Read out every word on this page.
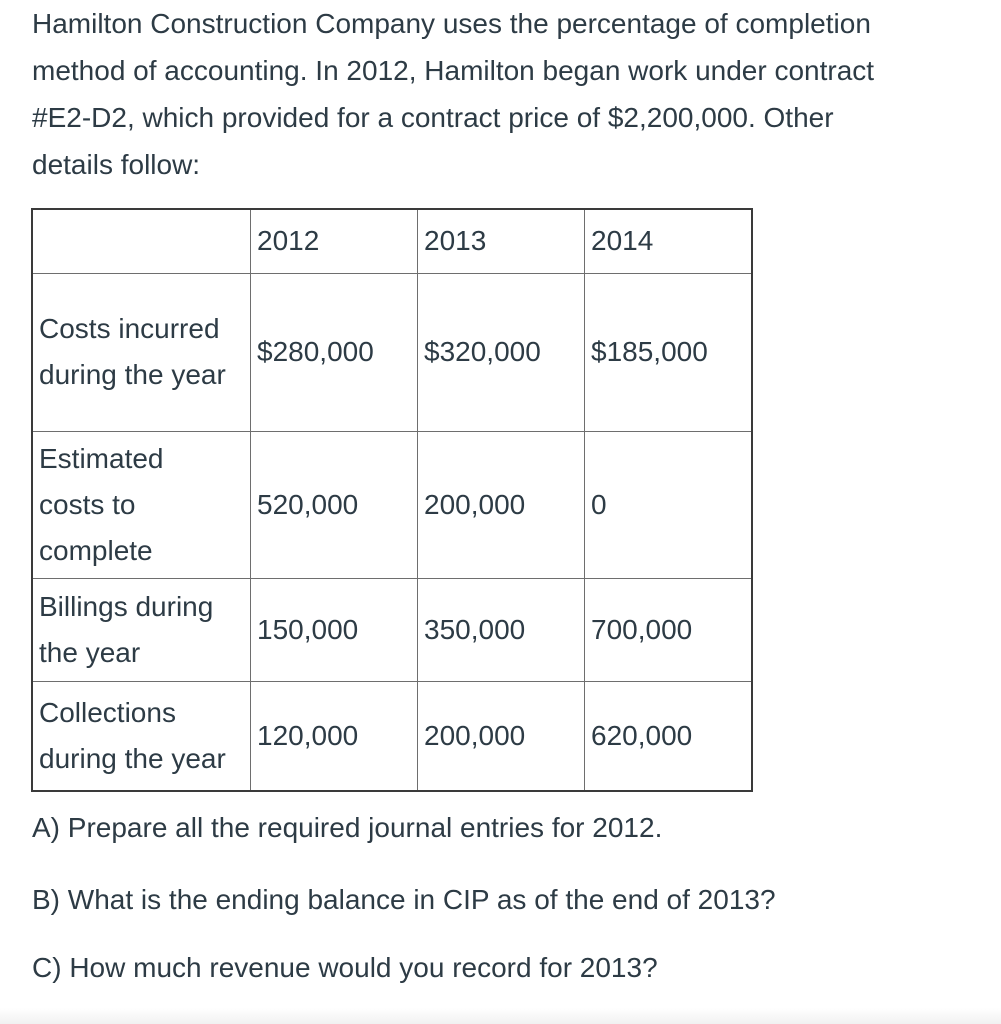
Hamilton Construction Company uses the percentage of completion

method of accounting. In 2012, Hamilton began work under contract

#E2-D2, which provided for a contract price of $2,200,000. Other

details follow:

	2012	2013	2014

Costs incurred
during the year	$280,000	$320,000	$185,000

Estimated
costs to
complete	520,000	200,000	0

Billings during
the year	150,000	350,000	700,000

Collections
during the year	120,000	200,000	620,000

A) Prepare all the required journal entries for 2012.

B) What is the ending balance in CIP as of the end of 2013?

C) How much revenue would you record for 2013?
